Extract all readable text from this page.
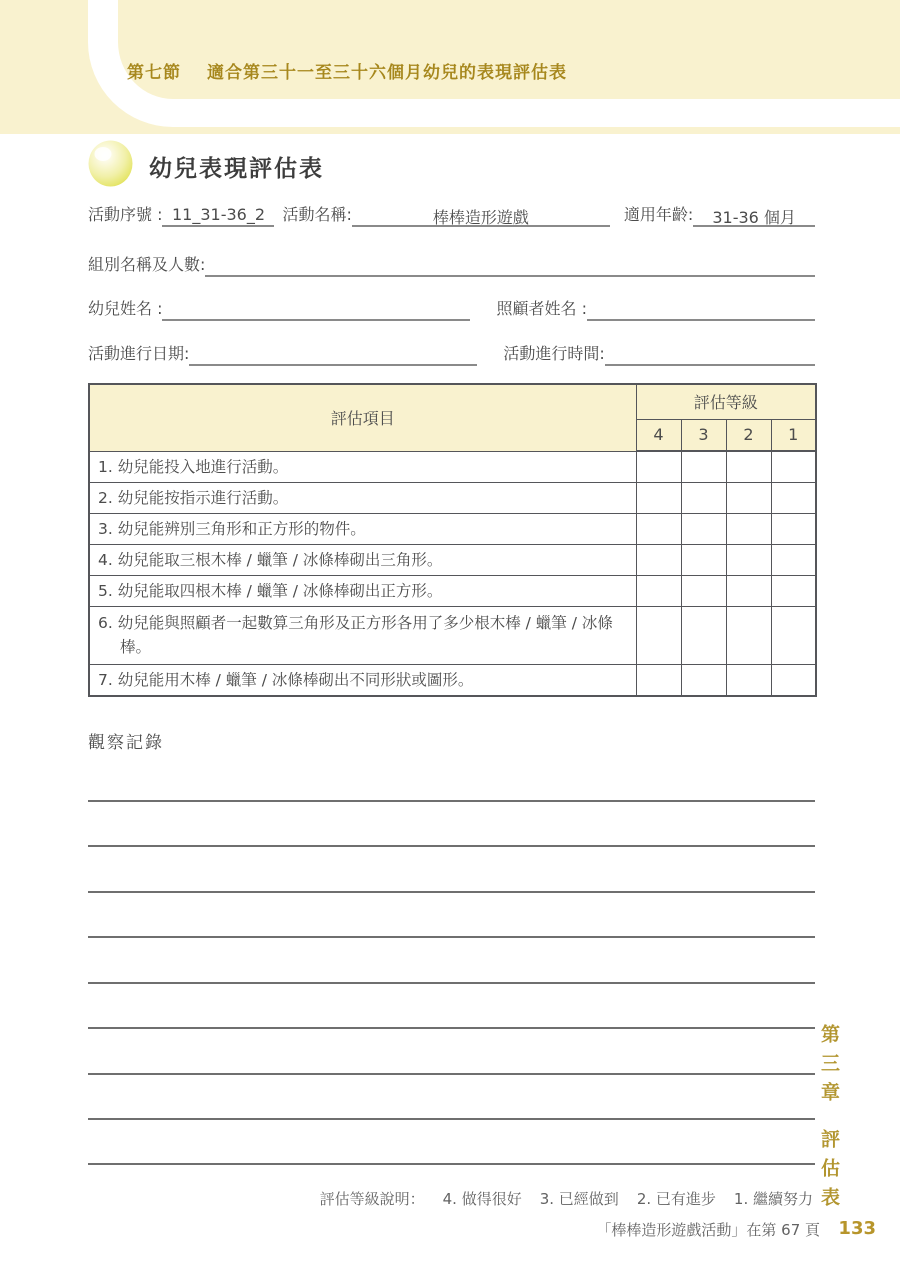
第七節 適合第三十一至三十六個月幼兒的表現評估表
幼兒表現評估表
活動序號 : 11_31-36_2	活動名稱:	棒棒造形遊戲	適用年齡:	31-36 個月
組別名稱及人數:
幼兒姓名 :	照顧者姓名 :
活動進行日期:	活動進行時間:
評估項目	評估等級			
	4	3	2	1

1. 幼兒能投入地進行活動。				

2. 幼兒能按指示進行活動。				

3. 幼兒能辨別三角形和正方形的物件。				

4. 幼兒能取三根木棒 / 蠟筆 / 冰條棒砌出三角形。				

5. 幼兒能取四根木棒 / 蠟筆 / 冰條棒砌出正方形。				

6. 幼兒能與照顧者一起數算三角形及正方形各用了多少根木棒 / 蠟筆 / 冰條棒。				

7. 幼兒能用木棒 / 蠟筆 / 冰條棒砌出不同形狀或圖形。				

觀察記錄
第三章
評估表
評估等級說明： 4. 做得很好 3. 已經做到 2. 已有進步 1. 繼續努力
「棒棒造形遊戲活動」在第 67 頁 133
